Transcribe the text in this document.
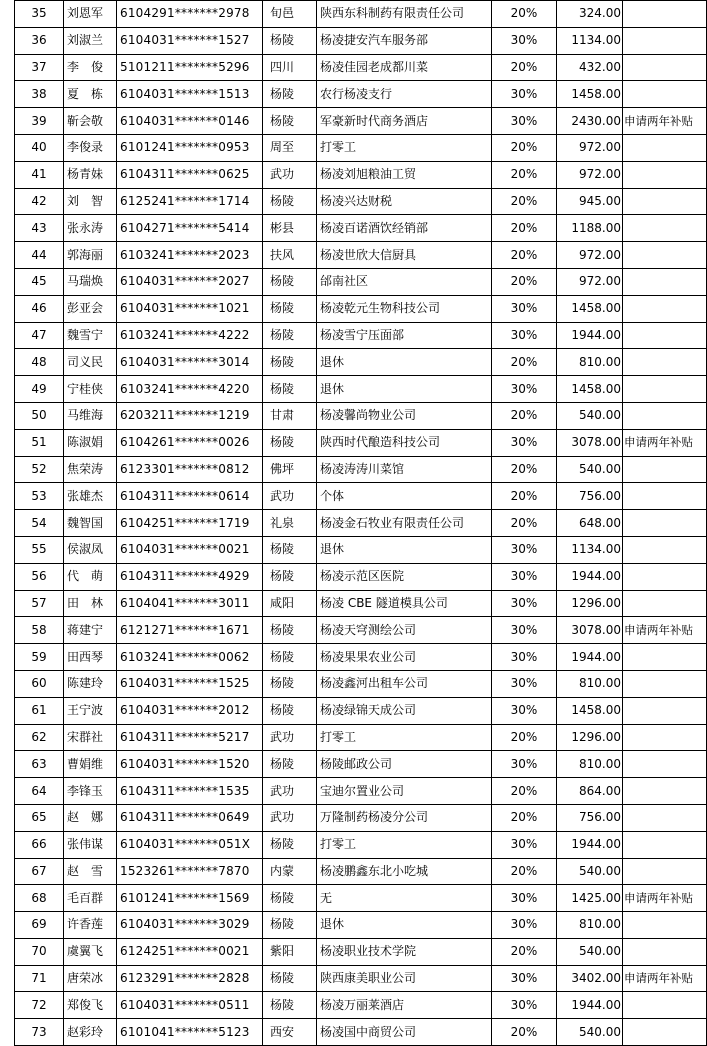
35	刘恩军	6104291*******2978	旬邑	陕西东科制药有限责任公司	20%	324.00	
36	刘淑兰	6104031*******1527	杨陵	杨凌捷安汽车服务部	30%	1134.00	
37	李　俊	5101211*******5296	四川	杨凌佳园老成都川菜	20%	432.00	
38	夏　栋	6104031*******1513	杨陵	农行杨凌支行	30%	1458.00	
39	靳会敬	6104031*******0146	杨陵	军豪新时代商务酒店	30%	2430.00	申请两年补贴
40	李俊录	6101241*******0953	周至	打零工	20%	972.00	
41	杨青妹	6104311*******0625	武功	杨凌刘旭粮油工贸	20%	972.00	
42	刘　智	6125241*******1714	杨陵	杨凌兴达财税	20%	945.00	
43	张永涛	6104271*******5414	彬县	杨凌百诺酒饮经销部	20%	1188.00	
44	郭海丽	6103241*******2023	扶风	杨凌世欣大信厨具	20%	972.00	
45	马瑞焕	6104031*******2027	杨陵	邰南社区	20%	972.00	
46	彭亚会	6104031*******1021	杨陵	杨凌乾元生物科技公司	30%	1458.00	
47	魏雪宁	6103241*******4222	杨陵	杨凌雪宁压面部	30%	1944.00	
48	司义民	6104031*******3014	杨陵	退休	20%	810.00	
49	宁桂侠	6103241*******4220	杨陵	退休	30%	1458.00	
50	马维海	6203211*******1219	甘肃	杨凌馨尚物业公司	20%	540.00	
51	陈淑娟	6104261*******0026	杨陵	陕西时代酿造科技公司	30%	3078.00	申请两年补贴
52	焦荣涛	6123301*******0812	佛坪	杨凌涛涛川菜馆	20%	540.00	
53	张雄杰	6104311*******0614	武功	个体	20%	756.00	
54	魏智国	6104251*******1719	礼泉	杨凌金石牧业有限责任公司	20%	648.00	
55	侯淑凤	6104031*******0021	杨陵	退休	30%	1134.00	
56	代　萌	6104311*******4929	杨陵	杨凌示范区医院	30%	1944.00	
57	田　林	6104041*******3011	咸阳	杨凌 CBE 隧道模具公司	30%	1296.00	
58	蒋建宁	6121271*******1671	杨陵	杨凌天穹测绘公司	30%	3078.00	申请两年补贴
59	田西琴	6103241*******0062	杨陵	杨凌果果农业公司	30%	1944.00	
60	陈建玲	6104031*******1525	杨陵	杨凌鑫河出租车公司	30%	810.00	
61	王宁波	6104031*******2012	杨陵	杨凌绿锦天成公司	30%	1458.00	
62	宋群社	6104311*******5217	武功	打零工	20%	1296.00	
63	曹娟维	6104031*******1520	杨陵	杨陵邮政公司	30%	810.00	
64	李锋玉	6104311*******1535	武功	宝迪尔置业公司	20%	864.00	
65	赵　娜	6104311*******0649	武功	万隆制药杨凌分公司	20%	756.00	
66	张伟谋	6104031*******051X	杨陵	打零工	30%	1944.00	
67	赵　雪	1523261*******7870	内蒙	杨凌鹏鑫东北小吃城	20%	540.00	
68	毛百群	6101241*******1569	杨陵	无	30%	1425.00	申请两年补贴
69	许香莲	6104031*******3029	杨陵	退休	30%	810.00	
70	虞翼飞	6124251*******0021	紫阳	杨凌职业技术学院	20%	540.00	
71	唐荣冰	6123291*******2828	杨陵	陕西康美职业公司	30%	3402.00	申请两年补贴
72	郑俊飞	6104031*******0511	杨陵	杨凌万丽莱酒店	30%	1944.00	
73	赵彩玲	6101041*******5123	西安	杨凌国中商贸公司	20%	540.00	
